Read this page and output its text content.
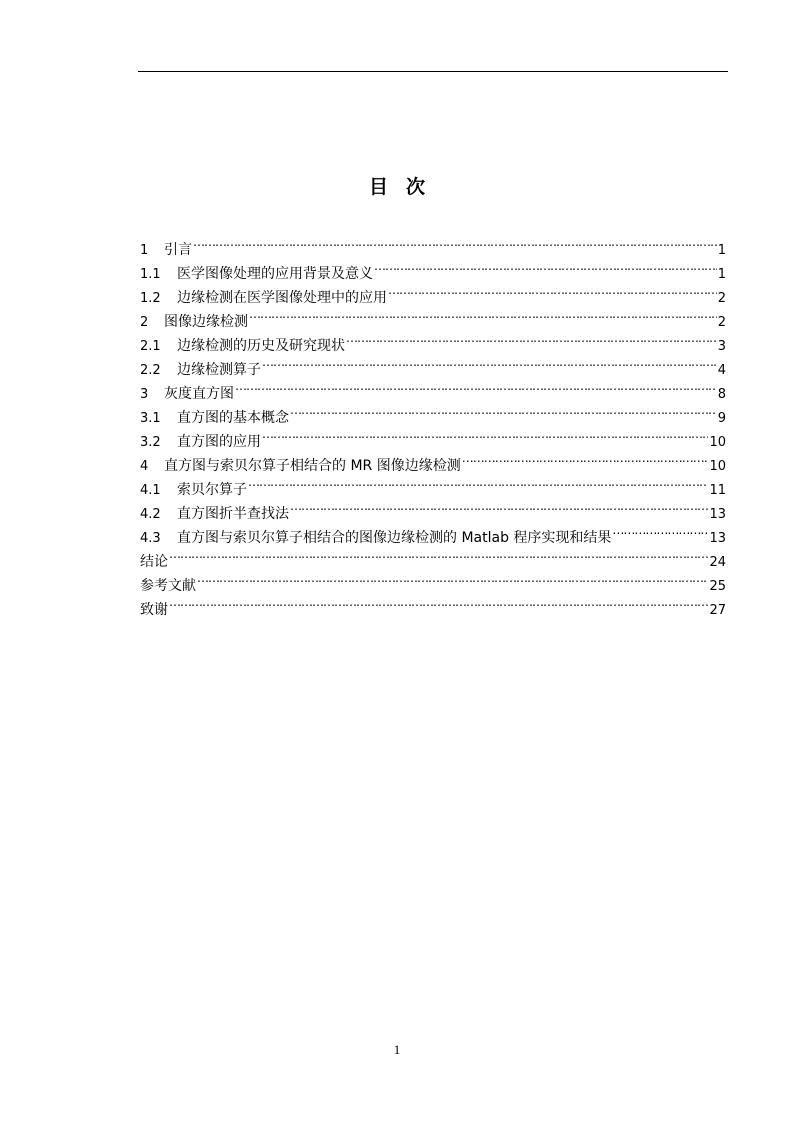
目 次
1	引言 …………………………………………………………………………………………………………………………………………………………………	1
1.1	医学图像处理的应用背景及意义 …………………………………………………………………………………………………………………………………………………………………	1
1.2	边缘检测在医学图像处理中的应用 …………………………………………………………………………………………………………………………………………………………………	2
2	图像边缘检测 …………………………………………………………………………………………………………………………………………………………………	2
2.1	边缘检测的历史及研究现状 …………………………………………………………………………………………………………………………………………………………………	3
2.2	边缘检测算子 …………………………………………………………………………………………………………………………………………………………………	4
3	灰度直方图 …………………………………………………………………………………………………………………………………………………………………	8
3.1	直方图的基本概念 …………………………………………………………………………………………………………………………………………………………………	9
3.2	直方图的应用 …………………………………………………………………………………………………………………………………………………………………	10
4	直方图与索贝尔算子相结合的 MR 图像边缘检测 …………………………………………………………………………………………………………………………………………………………………	10
4.1	索贝尔算子 …………………………………………………………………………………………………………………………………………………………………	11
4.2	直方图折半查找法 …………………………………………………………………………………………………………………………………………………………………	13
4.3	直方图与索贝尔算子相结合的图像边缘检测的 Matlab 程序实现和结果 …………………………………………………………………………………………………………………………………………………………………	13
结论 …………………………………………………………………………………………………………………………………………………………………	24
参考文献 …………………………………………………………………………………………………………………………………………………………………	25
致谢 …………………………………………………………………………………………………………………………………………………………………	27
1
